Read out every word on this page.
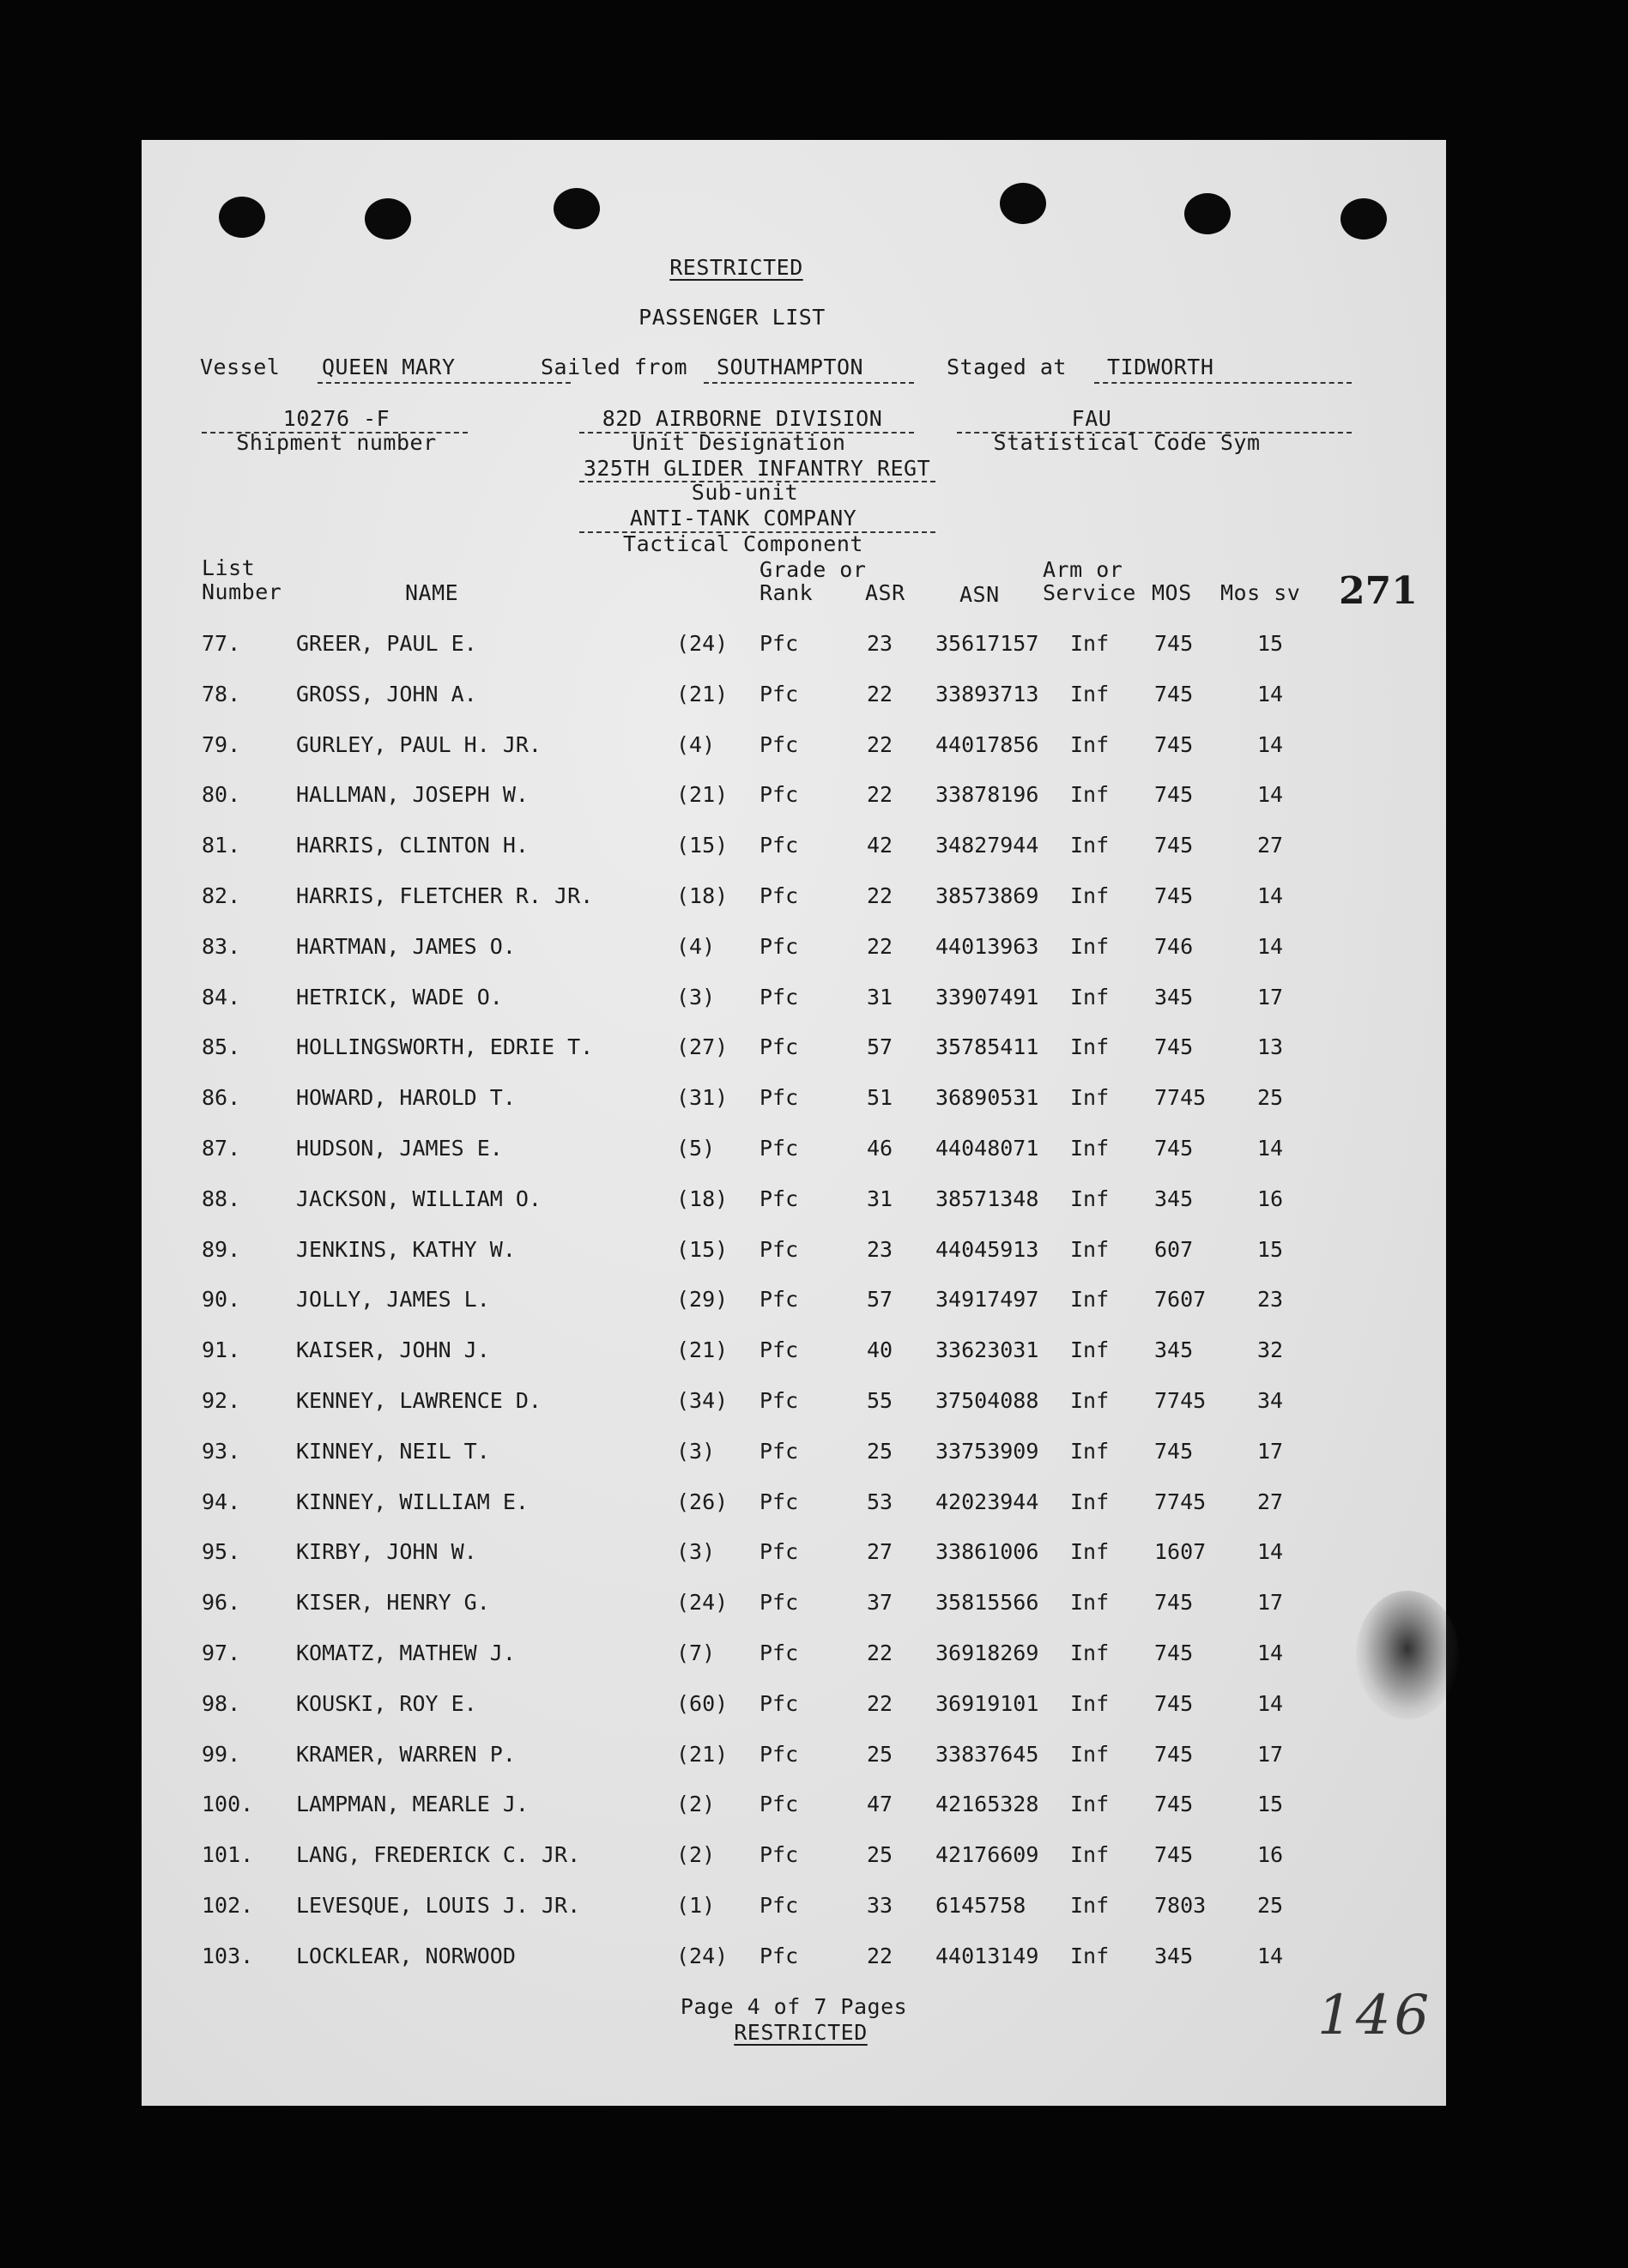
RESTRICTED
PASSENGER LIST
Vessel QUEEN MARY	Sailed from SOUTHAMPTON	Staged at TIDWORTH
10276 -F
Shipment number
82D AIRBORNE DIVISION
Unit Designation
325TH GLIDER INFANTRY REGT
Sub-unit
ANTI-TANK COMPANY
Tactical Component
FAU
Statistical Code Sym
List
Number	NAME
Grade or
Rank ASR	ASN
Arm or
Service MOS Mos sv 271
77.	GREER, PAUL E.	(24) Pfc	23 35617157 Inf 745	15
78.	GROSS, JOHN A.	(21) Pfc	22 33893713 Inf 745	14
79.	GURLEY, PAUL H. JR.	(4) Pfc	22 44017856 Inf 745	14
80.	HALLMAN, JOSEPH W.	(21) Pfc	22 33878196 Inf 745	14
81.	HARRIS, CLINTON H.	(15) Pfc	42 34827944 Inf 745	27
82.	HARRIS, FLETCHER R. JR.	(18) Pfc	22 38573869 Inf 745	14
83.	HARTMAN, JAMES O.	(4) Pfc	22 44013963 Inf 746	14
84.	HETRICK, WADE O.	(3) Pfc	31 33907491 Inf 345	17
85.	HOLLINGSWORTH, EDRIE T.	(27) Pfc	57 35785411 Inf 745	13
86.	HOWARD, HAROLD T.	(31) Pfc	51 36890531 Inf 7745 25
87.	HUDSON, JAMES E.	(5) Pfc	46 44048071 Inf 745	14
88.	JACKSON, WILLIAM O.	(18) Pfc	31 38571348 Inf 345	16
89.	JENKINS, KATHY W.	(15) Pfc	23 44045913 Inf 607	15
90.	JOLLY, JAMES L.	(29) Pfc	57 34917497 Inf 7607 23
91.	KAISER, JOHN J.	(21) Pfc	40 33623031 Inf 345	32
92.	KENNEY, LAWRENCE D.	(34) Pfc	55 37504088 Inf 7745 34
93.	KINNEY, NEIL T.	(3) Pfc	25 33753909 Inf 745	17
94.	KINNEY, WILLIAM E.	(26) Pfc	53 42023944 Inf 7745 27
95.	KIRBY, JOHN W.	(3) Pfc	27 33861006 Inf 1607 14
96.	KISER, HENRY G.	(24) Pfc	37 35815566 Inf 745	17
97.	KOMATZ, MATHEW J.	(7) Pfc	22 36918269 Inf 745	14
98.	KOUSKI, ROY E.	(60) Pfc	22 36919101 Inf 745	14
99.	KRAMER, WARREN P.	(21) Pfc	25 33837645 Inf 745	17
100. LAMPMAN, MEARLE J.	(2) Pfc	47 42165328 Inf 745	15
101. LANG, FREDERICK C. JR.	(2) Pfc	25 42176609 Inf 745	16
102. LEVESQUE, LOUIS J. JR.	(1) Pfc	33 6145758 Inf 7803 25
103. LOCKLEAR, NORWOOD	(24) Pfc	22 44013149 Inf 345	14
Page 4 of 7 Pages
RESTRICTED	146
